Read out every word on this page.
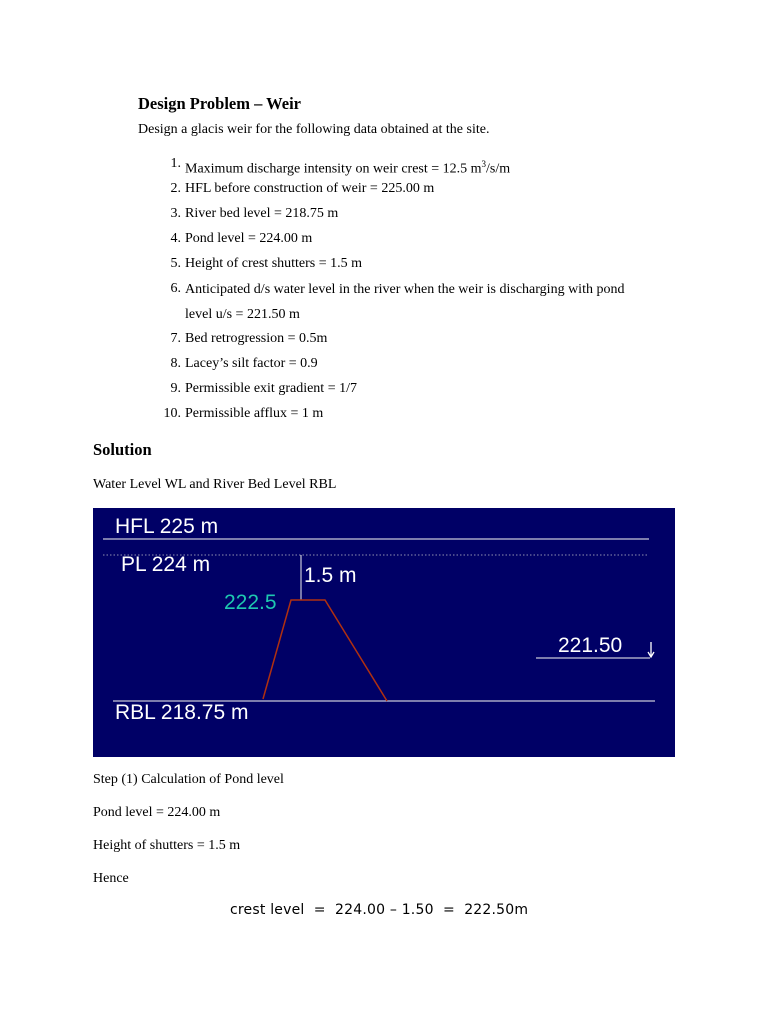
Design Problem – Weir
Design a glacis weir for the following data obtained at the site.
1. Maximum discharge intensity on weir crest = 12.5 $m^3/s/m$
2. HFL before construction of weir = 225.00 m
3. River bed level = 218.75 m
4. Pond level = 224.00 m
5. Height of crest shutters = 1.5 m
6. Anticipated d/s water level in the river when the weir is discharging with pond level u/s = 221.50 m
7. Bed retrogression = 0.5m
8. Lacey’s silt factor = 0.9
9. Permissible exit gradient = 1/7
10. Permissible afflux = 1 m
Solution
Water Level WL and River Bed Level RBL
HFL 225 m
PL 224 m	1.5 m
222.5
221.50
RBL 218.75 m
Step (1) Calculation of Pond level
Pond level = 224.00 m
Height of shutters = 1.5 m
Hence
crest level  =  224.00 – 1.50  =  222.50m
